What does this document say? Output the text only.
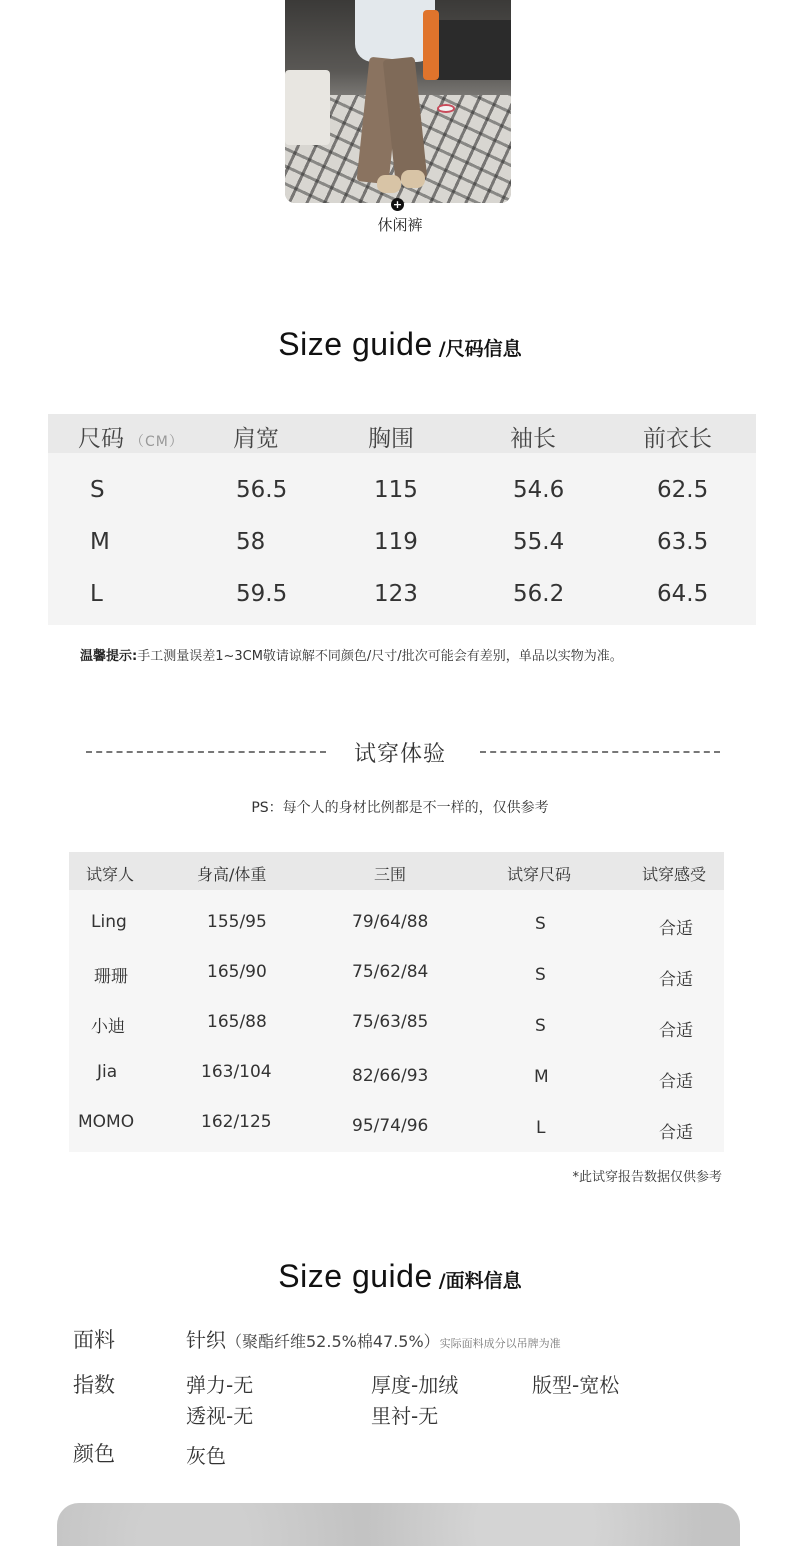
+
休闲裤
Size guide /尺码信息
尺码 （CM） 肩宽	胸围	袖长	前衣长
S	56.5	115	54.6	62.5
M	58	119	55.4	63.5
L	59.5	123	56.2	64.5
温馨提示:手工测量误差1~3CM敬请谅解不同颜色/尺寸/批次可能会有差别，单品以实物为准。
试穿体验
PS：每个人的身材比例都是不一样的，仅供参考
试穿人	身高/体重	三围	试穿尺码	试穿感受
Ling	155/95	79/64/88	S	合适
珊珊	165/90	75/62/84	S	合适
小迪	165/88	75/63/85	S	合适
Jia	163/104	82/66/93	M	合适
MOMO	162/125	95/74/96	L	合适
*此试穿报告数据仅供参考
Size guide /面料信息
面料	针织（聚酯纤维52.5%棉47.5%）实际面料成分以吊牌为准
指数	弹力-无	厚度-加绒	版型-宽松
透视-无	里衬-无
颜色	灰色
